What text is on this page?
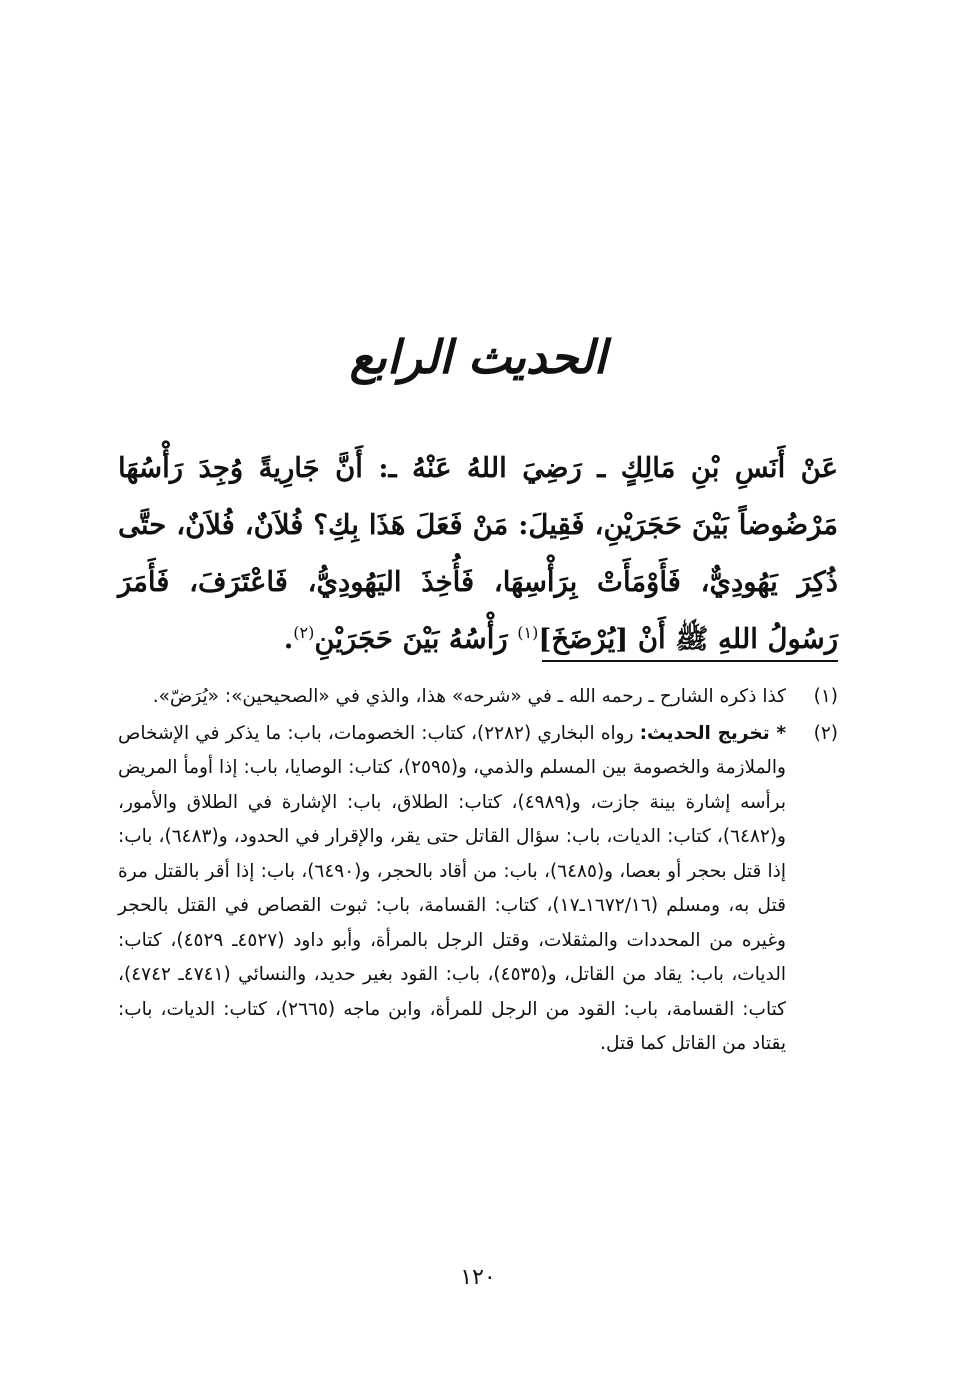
الحديث الرابع
عَنْ أَنَسِ بْنِ مَالِكٍ ـ رَضِيَ اللهُ عَنْهُ ـ: أَنَّ جَارِيةً وُجِدَ رَأْسُهَا مَرْضُوضاً بَيْنَ حَجَرَيْنِ، فَقِيلَ: مَنْ فَعَلَ هَذَا بِكِ؟ فُلاَنٌ، فُلاَنٌ، حتَّى ذُكِرَ يَهُودِيٌّ، فَأَوْمَأَتْ بِرَأْسِهَا، فَأُخِذَ اليَهُودِيُّ، فَاعْتَرَفَ، فَأَمَرَ رَسُولُ اللهِ ﷺ أَنْ [يُرْضَخَ]$^{(١)}$ رَأْسُهُ بَيْنَ حَجَرَيْنِ$^{(٢)}$.
(١)
كذا ذكره الشارح ـ رحمه الله ـ في «شرحه» هذا، والذي في «الصحيحين»: «يُرَضّ».
(٢)
* تخريج الحديث: رواه البخاري (٢٢٨٢)، كتاب: الخصومات، باب: ما يذكر في الإشخاص والملازمة والخصومة بين المسلم والذمي، و(٢٥٩٥)، كتاب: الوصايا، باب: إذا أومأ المريض برأسه إشارة بينة جازت، و(٤٩٨٩)، كتاب: الطلاق، باب: الإشارة في الطلاق والأمور، و(٦٤٨٢)، كتاب: الديات، باب: سؤال القاتل حتى يقر، والإقرار في الحدود، و(٦٤٨٣)، باب: إذا قتل بحجر أو بعصا، و(٦٤٨٥)، باب: من أقاد بالحجر، و(٦٤٩٠)، باب: إذا أقر بالقتل مرة قتل به، ومسلم (١٦٧٢/١٦ـ١٧)، كتاب: القسامة، باب: ثبوت القصاص في القتل بالحجر وغيره من المحددات والمثقلات، وقتل الرجل بالمرأة، وأبو داود (٤٥٢٧ـ ٤٥٢٩)، كتاب: الديات، باب: يقاد من القاتل، و(٤٥٣٥)، باب: القود بغير حديد، والنسائي (٤٧٤١ـ ٤٧٤٢)، كتاب: القسامة، باب: القود من الرجل للمرأة، وابن ماجه (٢٦٦٥)، كتاب: الديات، باب: يقتاد من القاتل كما قتل.
١٢٠
